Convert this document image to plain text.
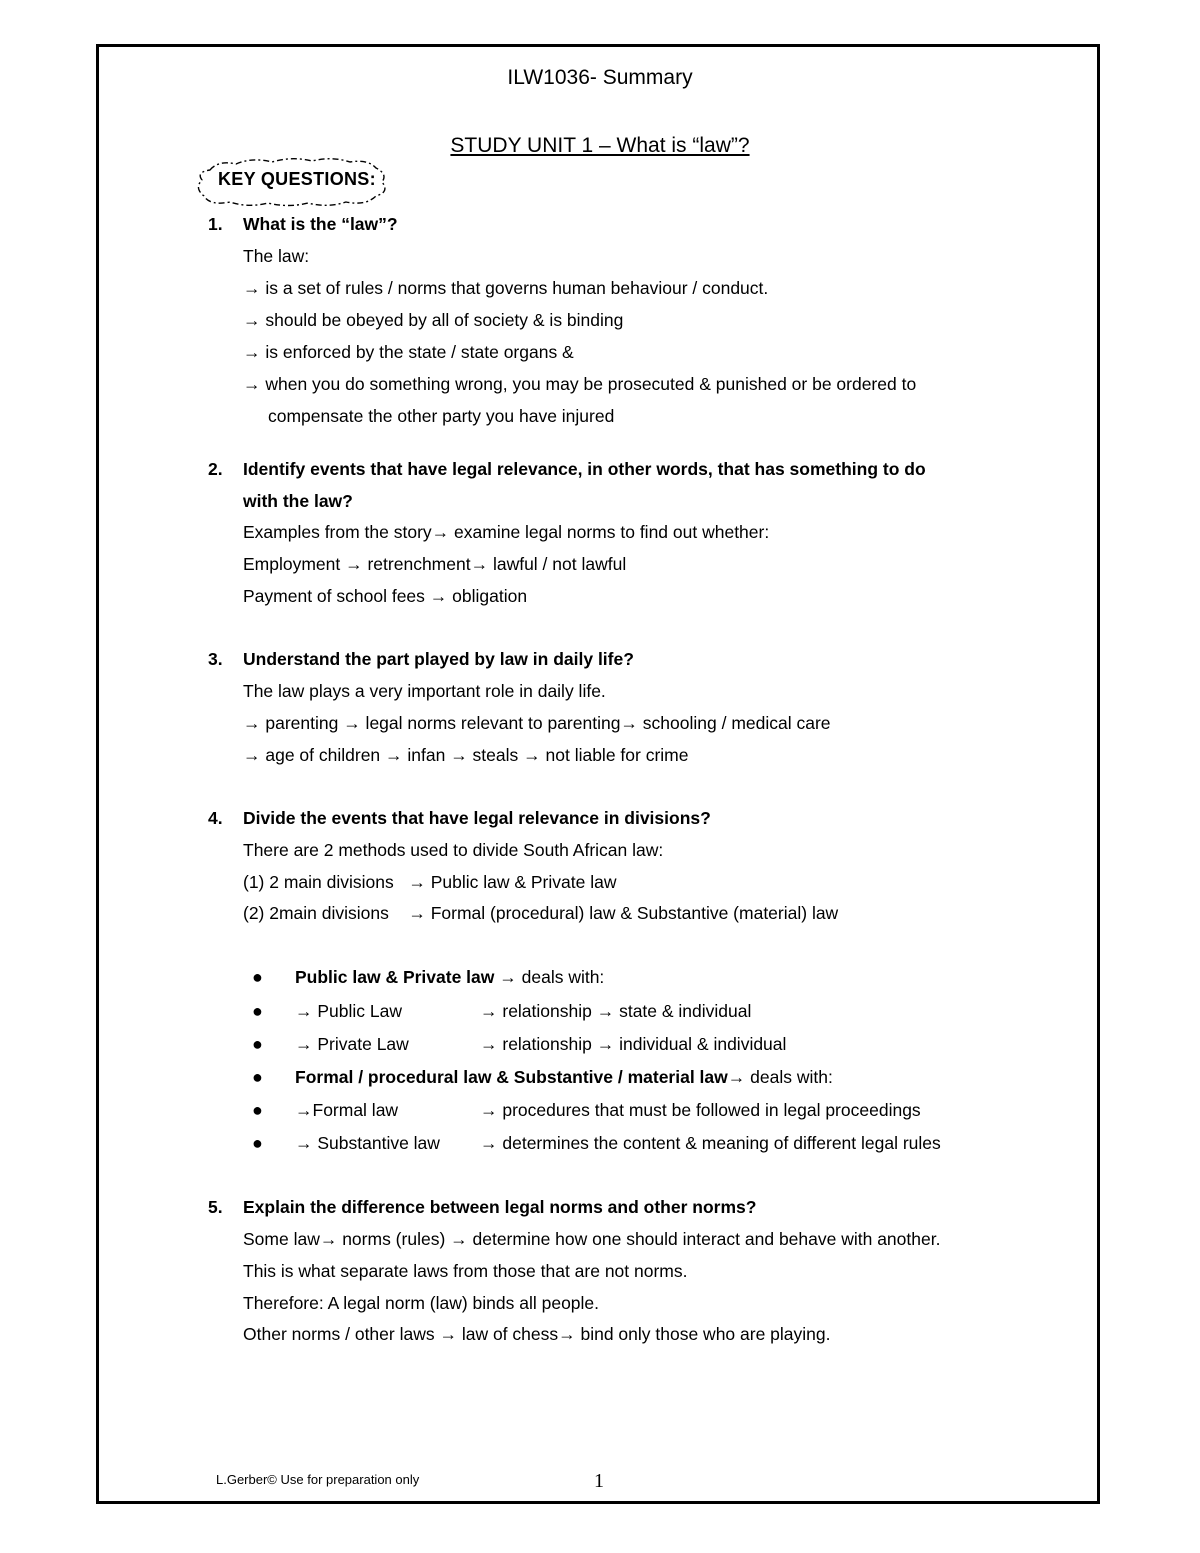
ILW1036- Summary
STUDY UNIT 1 – What is “law”?
KEY QUESTIONS:
1. What is the “law”?
The law:
→ is a set of rules / norms that governs human behaviour / conduct.
→ should be obeyed by all of society & is binding
→ is enforced by the state / state organs &
→ when you do something wrong, you may be prosecuted & punished or be ordered to
compensate the other party you have injured
2. Identify events that have legal relevance, in other words, that has something to do
with the law?
Examples from the story→ examine legal norms to find out whether:
Employment → retrenchment→ lawful / not lawful
Payment of school fees → obligation
3. Understand the part played by law in daily life?
The law plays a very important role in daily life.
→ parenting → legal norms relevant to parenting→ schooling / medical care
→ age of children → infan → steals → not liable for crime
4. Divide the events that have legal relevance in divisions?
There are 2 methods used to divide South African law:
(1) 2 main divisions   → Public law & Private law
(2) 2main divisions    → Formal (procedural) law & Substantive (material) law
● Public law & Private law → deals with:
● → Public Law	→ relationship → state & individual
● → Private Law	→ relationship → individual & individual
● Formal / procedural law & Substantive / material law→ deals with:
● →Formal law	→ procedures that must be followed in legal proceedings
● → Substantive law → determines the content & meaning of different legal rules
5. Explain the difference between legal norms and other norms?
Some law→ norms (rules) → determine how one should interact and behave with another.
This is what separate laws from those that are not norms.
Therefore: A legal norm (law) binds all people.
Other norms / other laws → law of chess→ bind only those who are playing.
L.Gerber© Use for preparation only	1
